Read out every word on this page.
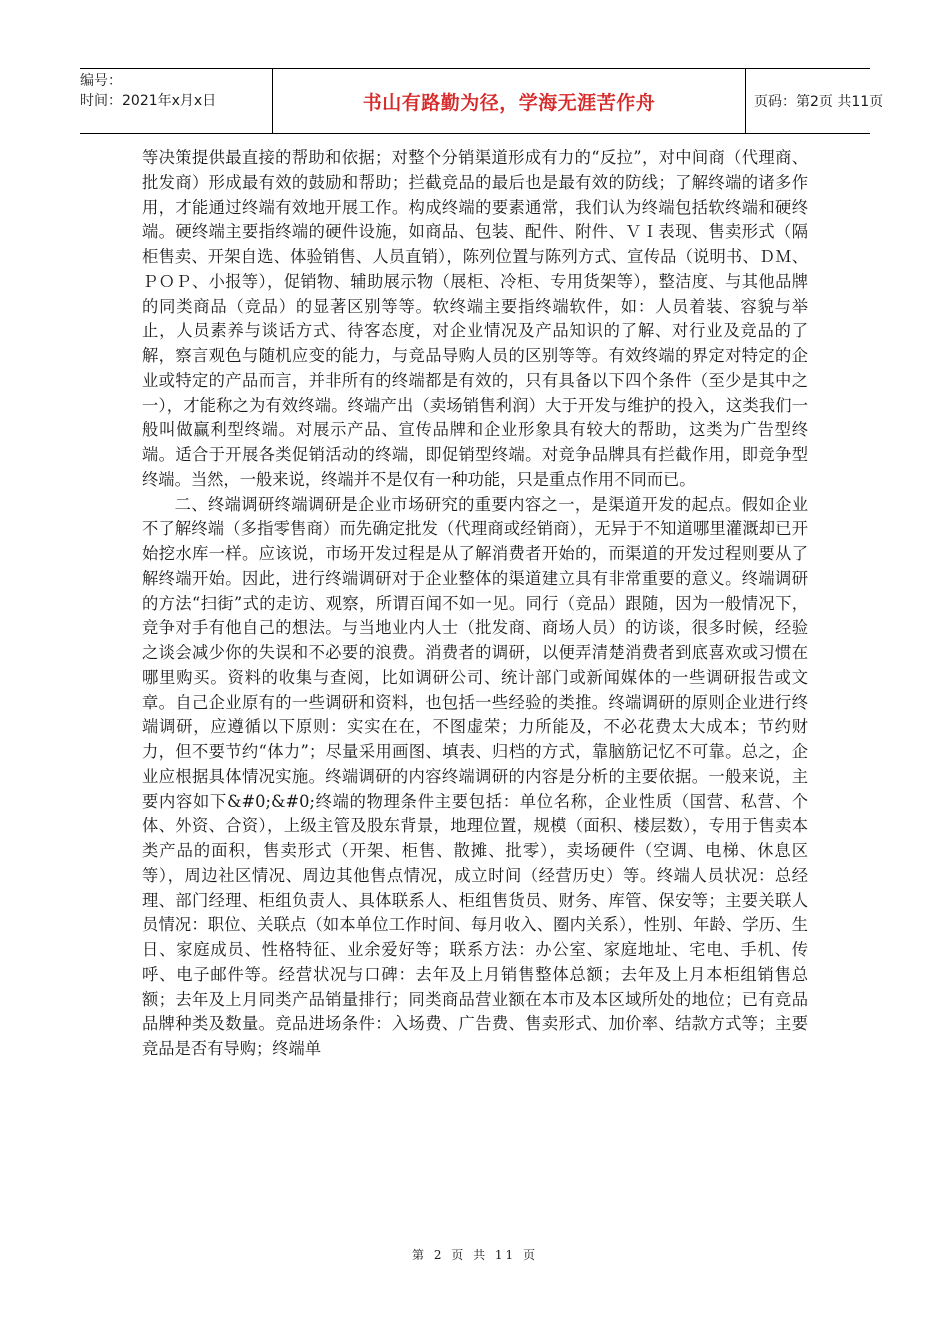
编号：
时间：2021年x月x日	书山有路勤为径，学海无涯苦作舟	页码：第2页 共11页

等决策提供最直接的帮助和依据；对整个分销渠道形成有力的“反拉”，对中间商（代理商、批发商）形成最有效的鼓励和帮助；拦截竞品的最后也是最有效的防线；了解终端的诸多作用，才能通过终端有效地开展工作。构成终端的要素通常，我们认为终端包括软终端和硬终端。硬终端主要指终端的硬件设施，如商品、包装、配件、附件、ＶＩ表现、售卖形式（隔柜售卖、开架自选、体验销售、人员直销），陈列位置与陈列方式、宣传品（说明书、ＤＭ、ＰＯＰ、小报等），促销物、辅助展示物（展柜、冷柜、专用货架等），整洁度、与其他品牌的同类商品（竞品）的显著区别等等。软终端主要指终端软件，如：人员着装、容貌与举止，人员素养与谈话方式、待客态度，对企业情况及产品知识的了解、对行业及竞品的了解，察言观色与随机应变的能力，与竞品导购人员的区别等等。有效终端的界定对特定的企业或特定的产品而言，并非所有的终端都是有效的，只有具备以下四个条件（至少是其中之一），才能称之为有效终端。终端产出（卖场销售利润）大于开发与维护的投入，这类我们一般叫做赢利型终端。对展示产品、宣传品牌和企业形象具有较大的帮助，这类为广告型终端。适合于开展各类促销活动的终端，即促销型终端。对竞争品牌具有拦截作用，即竞争型终端。当然，一般来说，终端并不是仅有一种功能，只是重点作用不同而已。

二、终端调研终端调研是企业市场研究的重要内容之一，是渠道开发的起点。假如企业不了解终端（多指零售商）而先确定批发（代理商或经销商），无异于不知道哪里灌溉却已开始挖水库一样。应该说，市场开发过程是从了解消费者开始的，而渠道的开发过程则要从了解终端开始。因此，进行终端调研对于企业整体的渠道建立具有非常重要的意义。终端调研的方法“扫街”式的走访、观察，所谓百闻不如一见。同行（竞品）跟随，因为一般情况下，竞争对手有他自己的想法。与当地业内人士（批发商、商场人员）的访谈，很多时候，经验之谈会减少你的失误和不必要的浪费。消费者的调研，以便弄清楚消费者到底喜欢或习惯在哪里购买。资料的收集与查阅，比如调研公司、统计部门或新闻媒体的一些调研报告或文章。自己企业原有的一些调研和资料，也包括一些经验的类推。终端调研的原则企业进行终端调研，应遵循以下原则：实实在在，不图虚荣；力所能及，不必花费太大成本；节约财力，但不要节约“体力”；尽量采用画图、填表、归档的方式，靠脑筋记忆不可靠。总之，企业应根据具体情况实施。终端调研的内容终端调研的内容是分析的主要依据。一般来说，主要内容如下&#0;&#0;终端的物理条件主要包括：单位名称，企业性质（国营、私营、个体、外资、合资），上级主管及股东背景，地理位置，规模（面积、楼层数），专用于售卖本类产品的面积，售卖形式（开架、柜售、散摊、批零），卖场硬件（空调、电梯、休息区等），周边社区情况、周边其他售点情况，成立时间（经营历史）等。终端人员状况：总经理、部门经理、柜组负责人、具体联系人、柜组售货员、财务、库管、保安等；主要关联人员情况：职位、关联点（如本单位工作时间、每月收入、圈内关系），性别、年龄、学历、生日、家庭成员、性格特征、业余爱好等；联系方法：办公室、家庭地址、宅电、手机、传呼、电子邮件等。经营状况与口碑：去年及上月销售整体总额；去年及上月本柜组销售总额；去年及上月同类产品销量排行；同类商品营业额在本市及本区域所处的地位；已有竞品品牌种类及数量。竞品进场条件：入场费、广告费、售卖形式、加价率、结款方式等；主要竞品是否有导购；终端单

第 2 页 共 11 页
